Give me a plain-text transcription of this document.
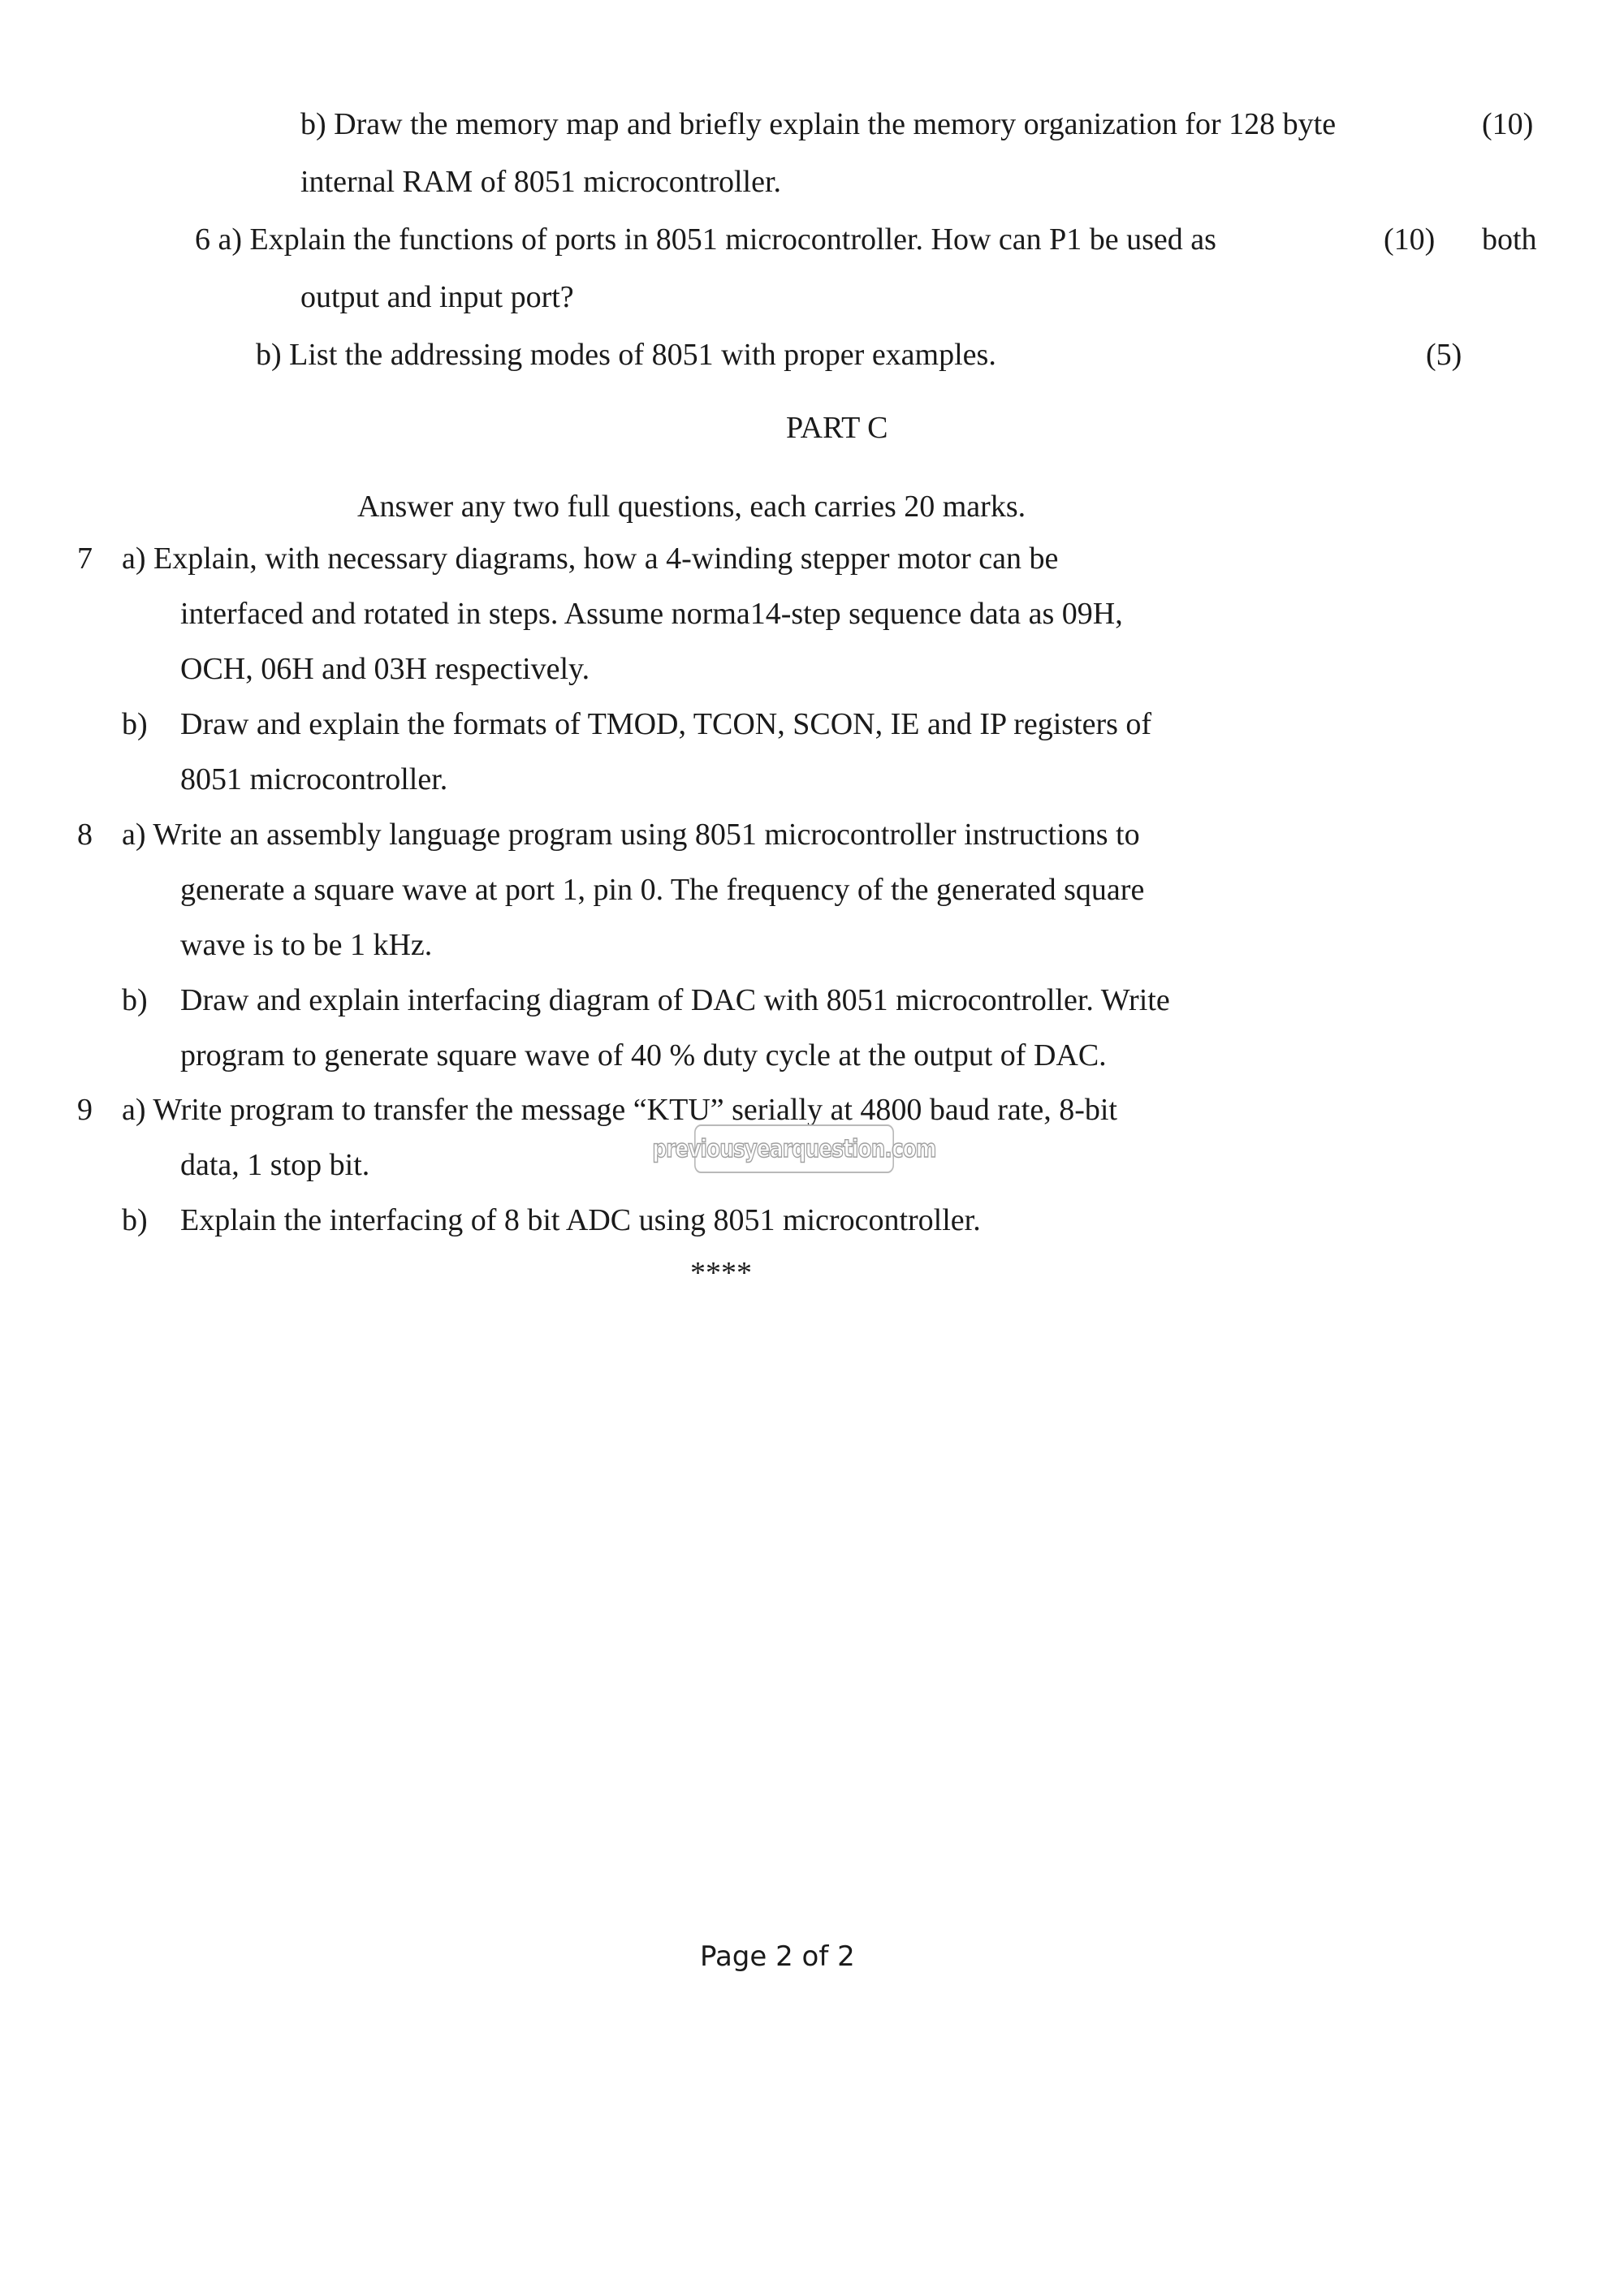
b) Draw the memory map and briefly explain the memory organization for 128 byte	(10)
internal RAM of 8051 microcontroller.
6 a) Explain the functions of ports in 8051 microcontroller. How can P1 be used as	(10) both
output and input port?
b) List the addressing modes of 8051 with proper examples.	(5)
PART C
Answer any two full questions, each carries 20 marks.
7 a) Explain, with necessary diagrams, how a 4-winding stepper motor can be
interfaced and rotated in steps. Assume norma14-step sequence data as 09H,
OCH, 06H and 03H respectively.
b) Draw and explain the formats of TMOD, TCON, SCON, IE and IP registers of
8051 microcontroller.
8 a) Write an assembly language program using 8051 microcontroller instructions to
generate a square wave at port 1, pin 0. The frequency of the generated square
wave is to be 1 kHz.
b) Draw and explain interfacing diagram of DAC with 8051 microcontroller. Write
program to generate square wave of 40 % duty cycle at the output of DAC.
9 a) Write program to transfer the message “KTU” serially at 4800 baud rate, 8-bit
data, 1 stop bit.
b) Explain the interfacing of 8 bit ADC using 8051 microcontroller.
previousyearquestion.com
****
Page 2 of 2
